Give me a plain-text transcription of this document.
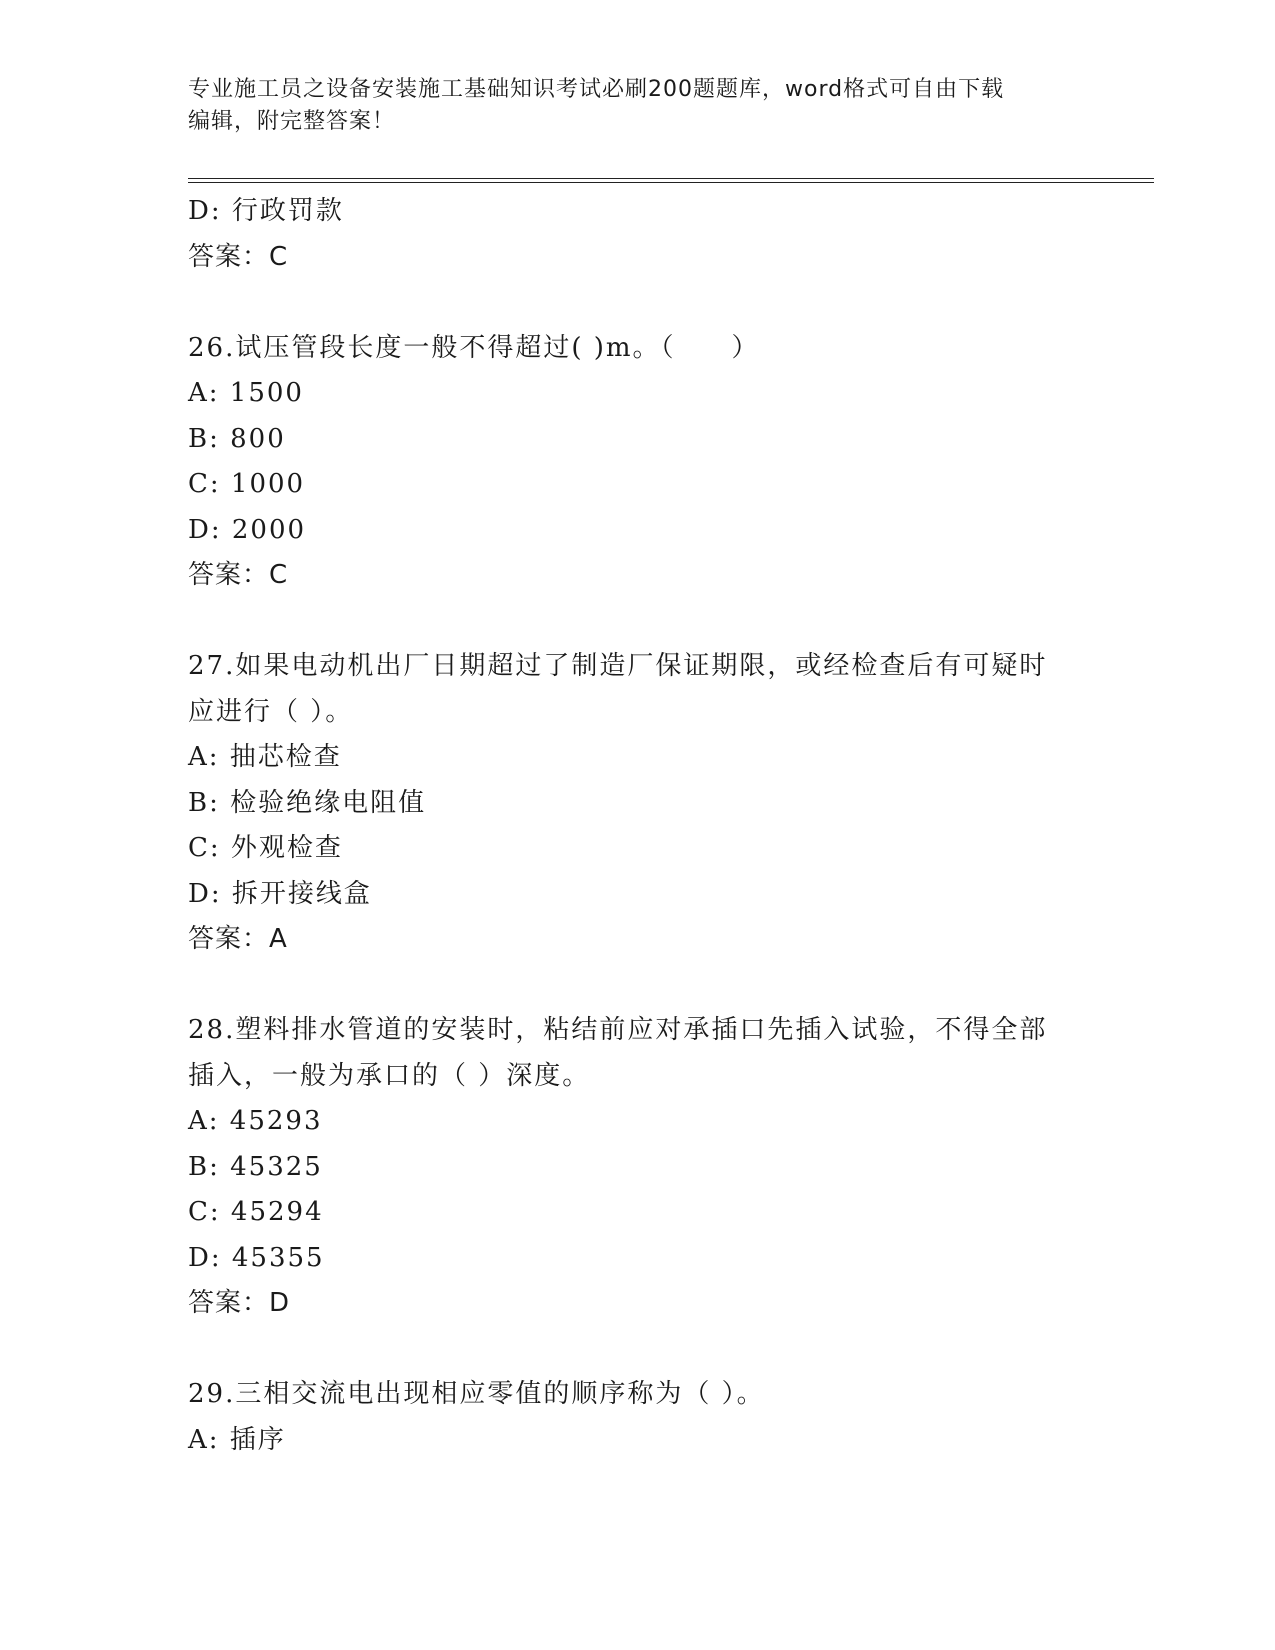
专业施工员之设备安装施工基础知识考试必刷200题题库，word格式可自由下载
编辑，附完整答案！
D: 行政罚款
答案：C
26.试压管段长度一般不得超过( )m。（　　）
A: 1500
B: 800
C: 1000
D: 2000
答案：C
27.如果电动机出厂日期超过了制造厂保证期限，或经检查后有可疑时
应进行（ ）。
A: 抽芯检查
B: 检验绝缘电阻值
C: 外观检查
D: 拆开接线盒
答案：A
28.塑料排水管道的安装时，粘结前应对承插口先插入试验，不得全部
插入，一般为承口的（ ）深度。
A: 45293
B: 45325
C: 45294
D: 45355
答案：D
29.三相交流电出现相应零值的顺序称为（ ）。
A: 插序
